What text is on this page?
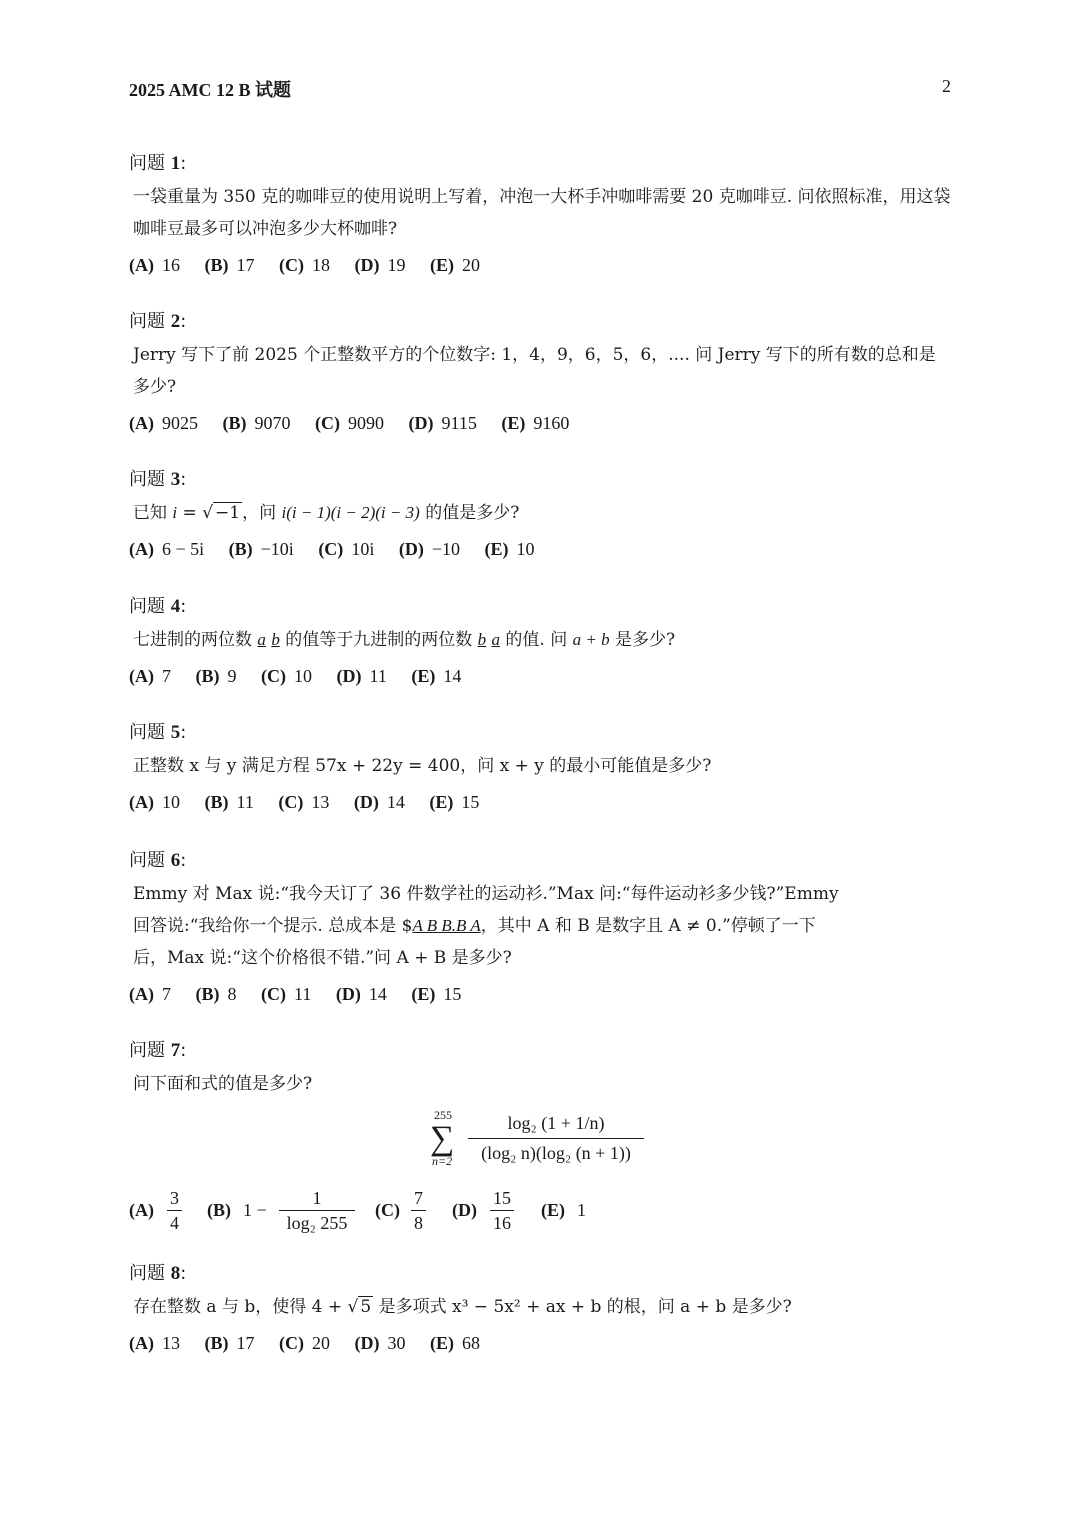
2025 AMC 12 B 试题	2
问题 1:
一袋重量为 350 克的咖啡豆的使用说明上写着，冲泡一大杯手冲咖啡需要 20 克咖啡豆. 问依照标准，用这袋咖啡豆最多可以冲泡多少大杯咖啡?
(A) 16 (B) 17 (C) 18 (D) 19 (E) 20
问题 2:
Jerry 写下了前 2025 个正整数平方的个位数字: 1，4，9，6，5，6，.... 问 Jerry 写下的所有数的总和是多少?
(A) 9025 (B) 9070 (C) 9090 (D) 9115 (E) 9160
问题 3:
已知 i = √ −1 ，问 i(i − 1)(i − 2)(i − 3) 的值是多少?
(A) 6 − 5i (B) −10i (C) 10i (D) −10 (E) 10
问题 4:
七进制的两位数 a b 的值等于九进制的两位数 b a 的值. 问 a + b 是多少?
(A) 7 (B) 9 (C) 10 (D) 11 (E) 14
问题 5:
正整数 x 与 y 满足方程 57x + 22y = 400，问 x + y 的最小可能值是多少?
(A) 10 (B) 11 (C) 13 (D) 14 (E) 15
问题 6:
Emmy 对 Max 说:“我今天订了 36 件数学社的运动衫.”Max 问:“每件运动衫多少钱?”Emmy
回答说:“我给你一个提示. 总成本是 $A B B.B A，其中 A 和 B 是数字且 A ≠ 0.”停顿了一下
后，Max 说:“这个价格很不错.”问 A + B 是多少?
(A) 7 (B) 8 (C) 11 (D) 14 (E) 15
问题 7:
问下面和式的值是多少?
255
∑
$n=2 \frac{\text{log₂ (1 + 1/n)}}{\text{(log₂ n)(log₂ (n + 1))}}$
(A)
3
4
(B) 1 −
1
log₂ 255
(C)
7
8
(D)
15
16
(E) 1
问题 8:
存在整数 a 与 b，使得 4 + √ 5 是多项式 x³ − 5x² + ax + b 的根，问 a + b 是多少?
(A) 13 (B) 17 (C) 20 (D) 30 (E) 68
